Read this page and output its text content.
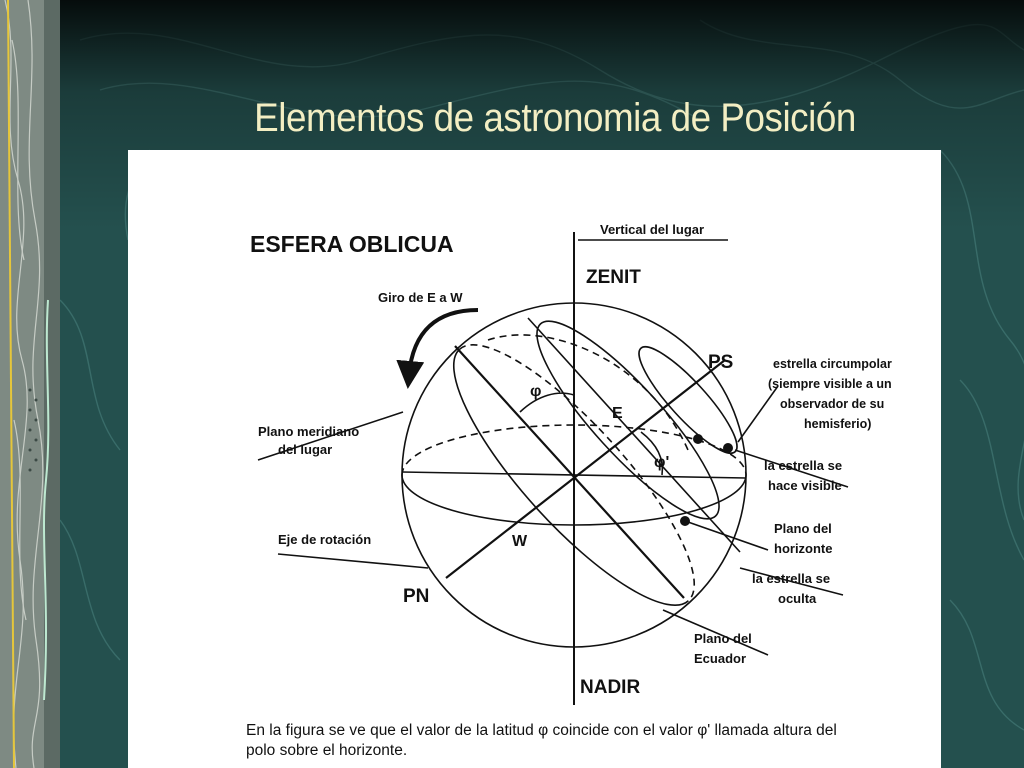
Elementos de astronomia de Posición
ESFERA OBLICUA
ZENIT
NADIR
PS
PN
E
W
φ
φ'
Vertical del lugar
Giro de E a W
Plano meridiano
del lugar
Eje de rotación
estrella circumpolar
(siempre visible a un
observador de su
hemisferio)
la estrella se
hace visible
Plano del
horizonte
la estrella se
oculta
Plano del
Ecuador
En la figura se ve que el valor de la latitud φ coincide con el valor φ' llamada altura del
polo sobre el horizonte.
